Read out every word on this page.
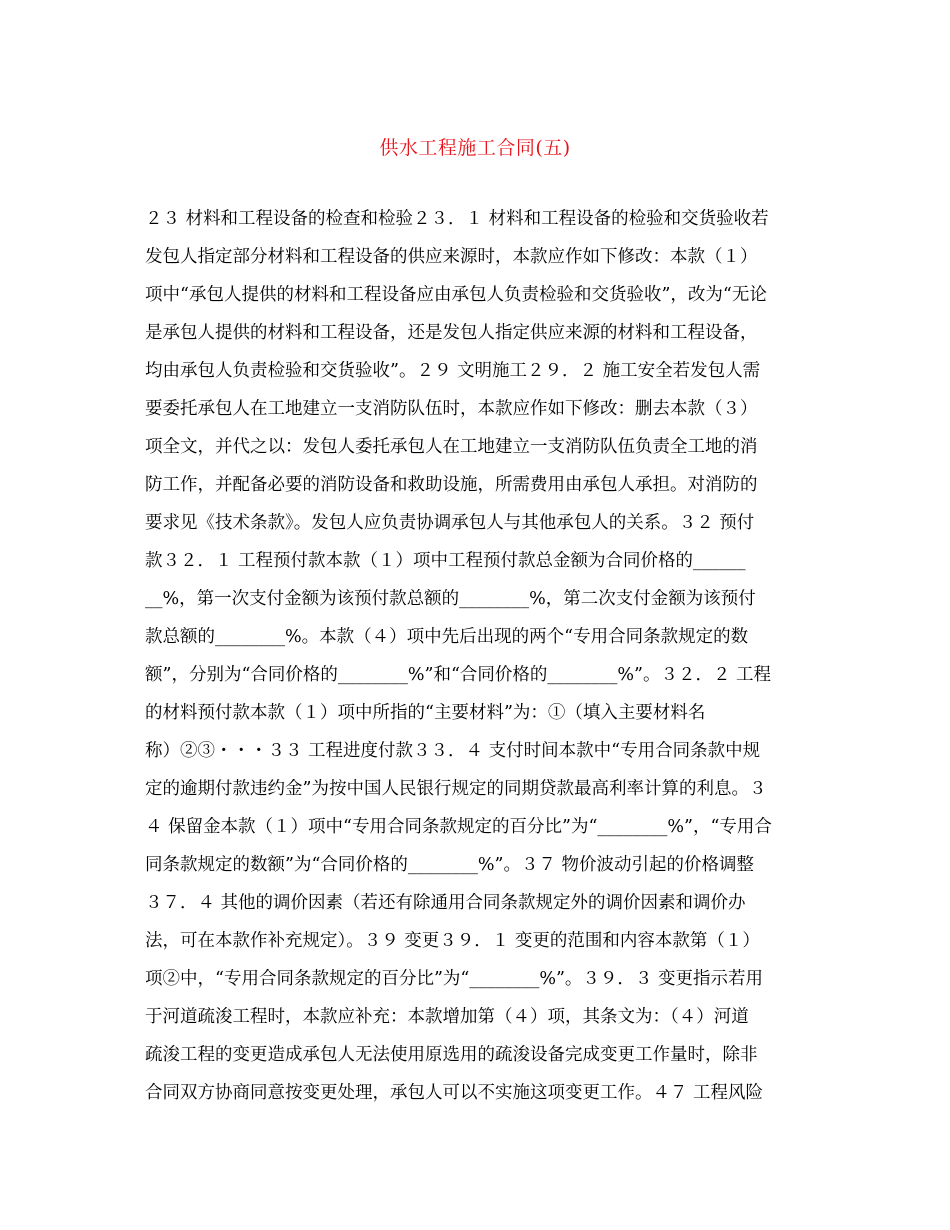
供水工程施工合同(五)
２３ 材料和工程设备的检查和检验２３．１ 材料和工程设备的检验和交货验收若
发包人指定部分材料和工程设备的供应来源时，本款应作如下修改：本款（１）
项中“承包人提供的材料和工程设备应由承包人负责检验和交货验收”，改为“无论
是承包人提供的材料和工程设备，还是发包人指定供应来源的材料和工程设备，
均由承包人负责检验和交货验收”。２９ 文明施工２９．２ 施工安全若发包人需
要委托承包人在工地建立一支消防队伍时，本款应作如下修改：删去本款（３）
项全文，并代之以：发包人委托承包人在工地建立一支消防队伍负责全工地的消
防工作，并配备必要的消防设备和救助设施，所需费用由承包人承担。对消防的
要求见《技术条款》。发包人应负责协调承包人与其他承包人的关系。３２ 预付
款３２．１ 工程预付款本款（１）项中工程预付款总金额为合同价格的______
__%，第一次支付金额为该预付款总额的________%，第二次支付金额为该预付
款总额的________%。本款（４）项中先后出现的两个“专用合同条款规定的数
额”，分别为“合同价格的________%”和“合同价格的________%”。３２．２ 工程
的材料预付款本款（１）项中所指的“主要材料”为：①（填入主要材料名
称）②③・・・３３ 工程进度付款３３．４ 支付时间本款中“专用合同条款中规
定的逾期付款违约金”为按中国人民银行规定的同期贷款最高利率计算的利息。３
４ 保留金本款（１）项中“专用合同条款规定的百分比”为“________%”，“专用合
同条款规定的数额”为“合同价格的________%”。３７ 物价波动引起的价格调整
３７．４ 其他的调价因素（若还有除通用合同条款规定外的调价因素和调价办
法，可在本款作补充规定）。３９ 变更３９．１ 变更的范围和内容本款第（１）
项②中，“专用合同条款规定的百分比”为“________%”。３９．３ 变更指示若用
于河道疏浚工程时，本款应补充：本款增加第（４）项，其条文为：（４）河道
疏浚工程的变更造成承包人无法使用原选用的疏浚设备完成变更工作量时，除非
合同双方协商同意按变更处理，承包人可以不实施这项变更工作。４７ 工程风险
